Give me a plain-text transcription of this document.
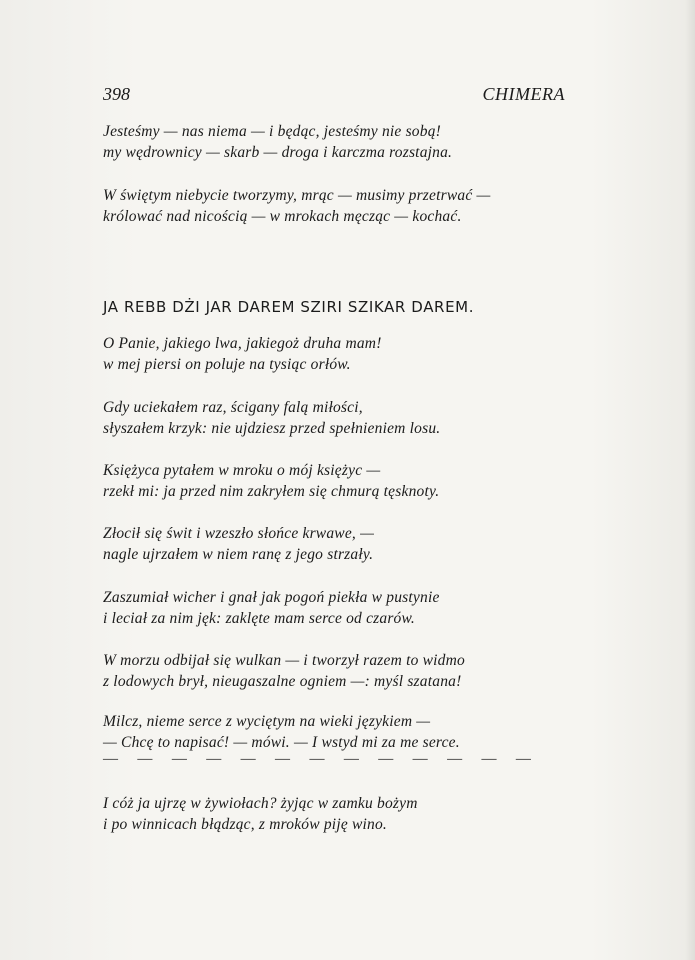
398	CHIMERA
Jesteśmy — nas niema — i będąc, jesteśmy nie sobą!
my wędrownicy — skarb — droga i karczma rozstajna.
W świętym niebycie tworzymy, mrąc — musimy przetrwać —
królować nad nicością — w mrokach męcząc — kochać.
JA REBB DŻI JAR DAREM SZIRI SZIKAR DAREM.
O Panie, jakiego lwa, jakiegoż druha mam!
w mej piersi on poluje na tysiąc orłów.
Gdy uciekałem raz, ścigany falą miłości,
słyszałem krzyk: nie ujdziesz przed spełnieniem losu.
Księżyca pytałem w mroku o mój księżyc —
rzekł mi: ja przed nim zakryłem się chmurą tęsknoty.
Złocił się świt i wzeszło słońce krwawe, —
nagle ujrzałem w niem ranę z jego strzały.
Zaszumiał wicher i gnał jak pogoń piekła w pustynie
i leciał za nim jęk: zaklęte mam serce od czarów.
W morzu odbijał się wulkan — i tworzył razem to widmo
z lodowych brył, nieugaszalne ogniem —: myśl szatana!
Milcz, nieme serce z wyciętym na wieki językiem —
— Chcę to napisać! — mówi. — I wstyd mi za me serce.
— — — — — — — — — — — — —
I cóż ja ujrzę w żywiołach? żyjąc w zamku bożym
i po winnicach błądząc, z mroków piję wino.
